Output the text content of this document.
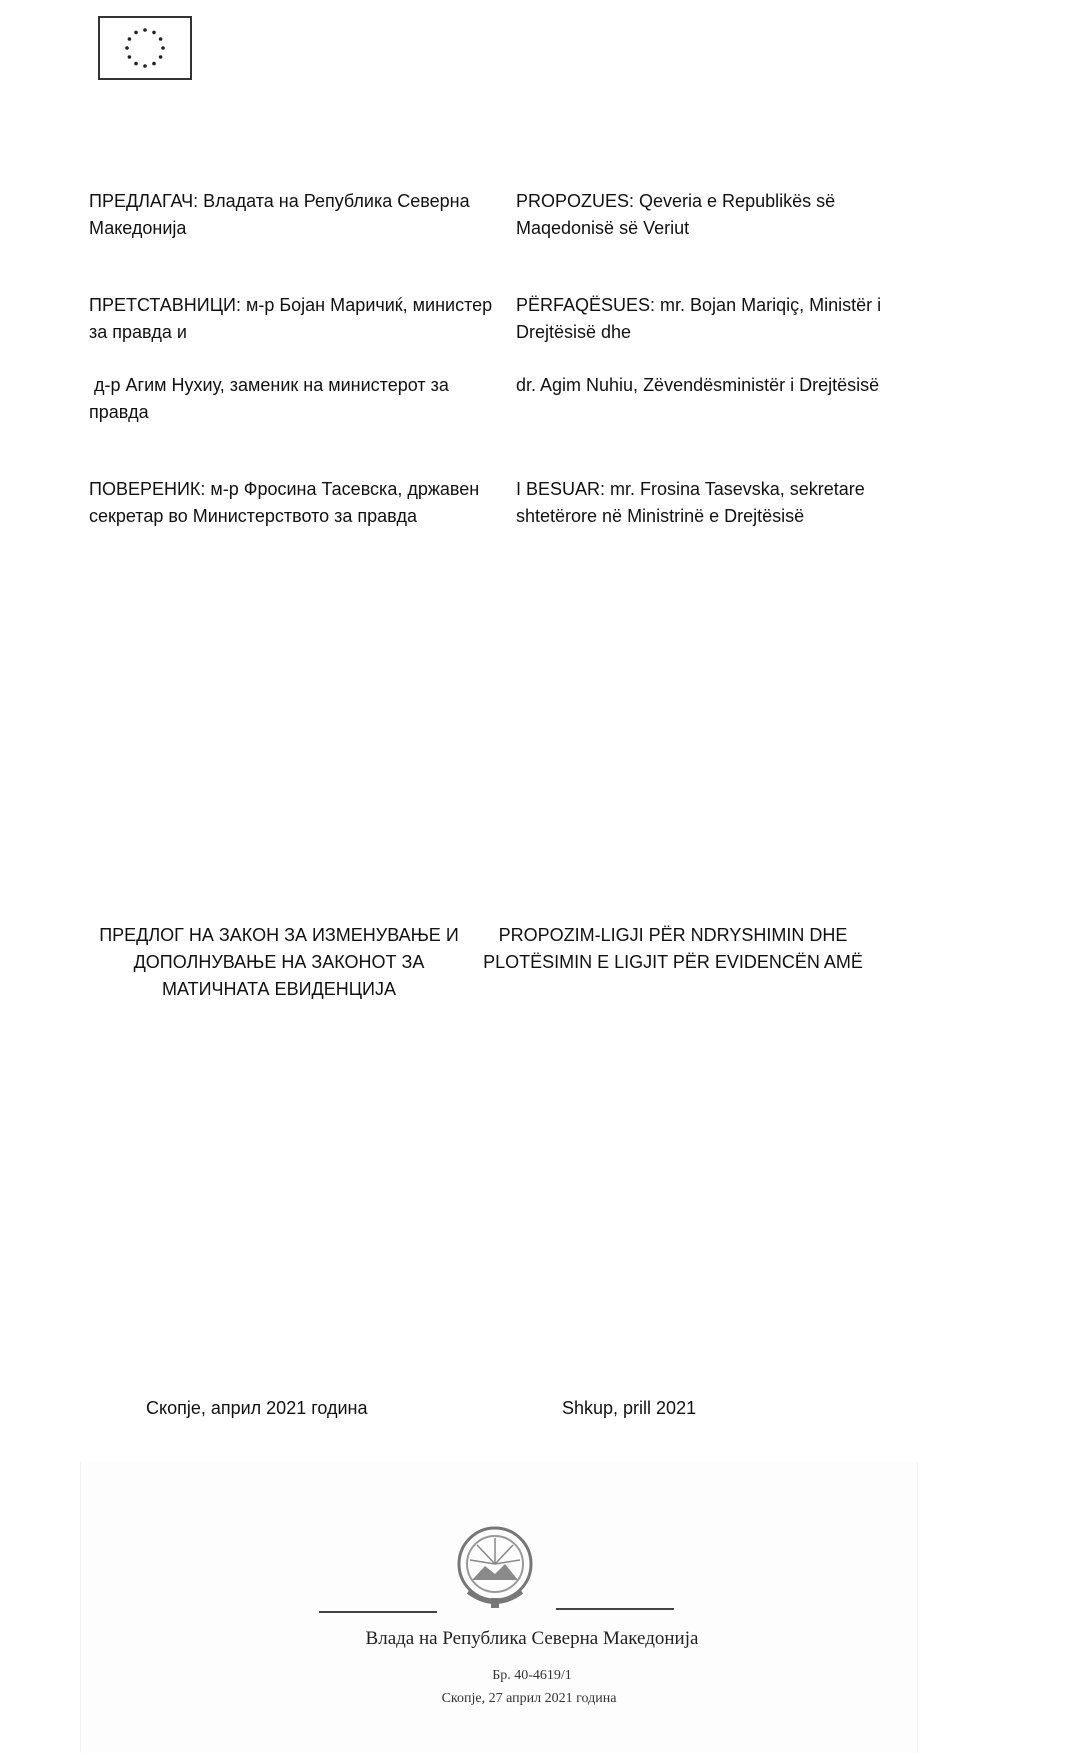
ПРЕДЛАГАЧ: Владата на Република Северна Македонија
PROPOZUES: Qeveria e Republikës së Maqedonisë së Veriut
ПРЕТСТАВНИЦИ: м-р Бојан Маричиќ, министер за правда и
PËRFAQËSUES: mr. Bojan Mariqiç, Ministër i Drejtësisë dhe
д-р Агим Нухиу, заменик на министерот за правда
dr. Agim Nuhiu, Zëvendësministër i Drejtësisë
ПОВЕРЕНИК: м-р Фросина Тасевска, државен секретар во Министерството за правда
I BESUAR: mr. Frosina Tasevska, sekretare shtetërore në Ministrinë e Drejtësisë
ПРЕДЛОГ НА ЗАКОН ЗА ИЗМЕНУВАЊЕ И ДОПОЛНУВАЊЕ НА ЗАКОНОТ ЗА МАТИЧНАТА ЕВИДЕНЦИЈА
PROPOZIM-LIGJI PËR NDRYSHIMIN DHE PLOTËSIMIN E LIGJIT PËR EVIDENCËN AMË
Скопје, април 2021 година	Shkup, prill 2021
Влада на Република Северна Македонија
Бр. 40-4619/1
Скопје, 27 април 2021 година
